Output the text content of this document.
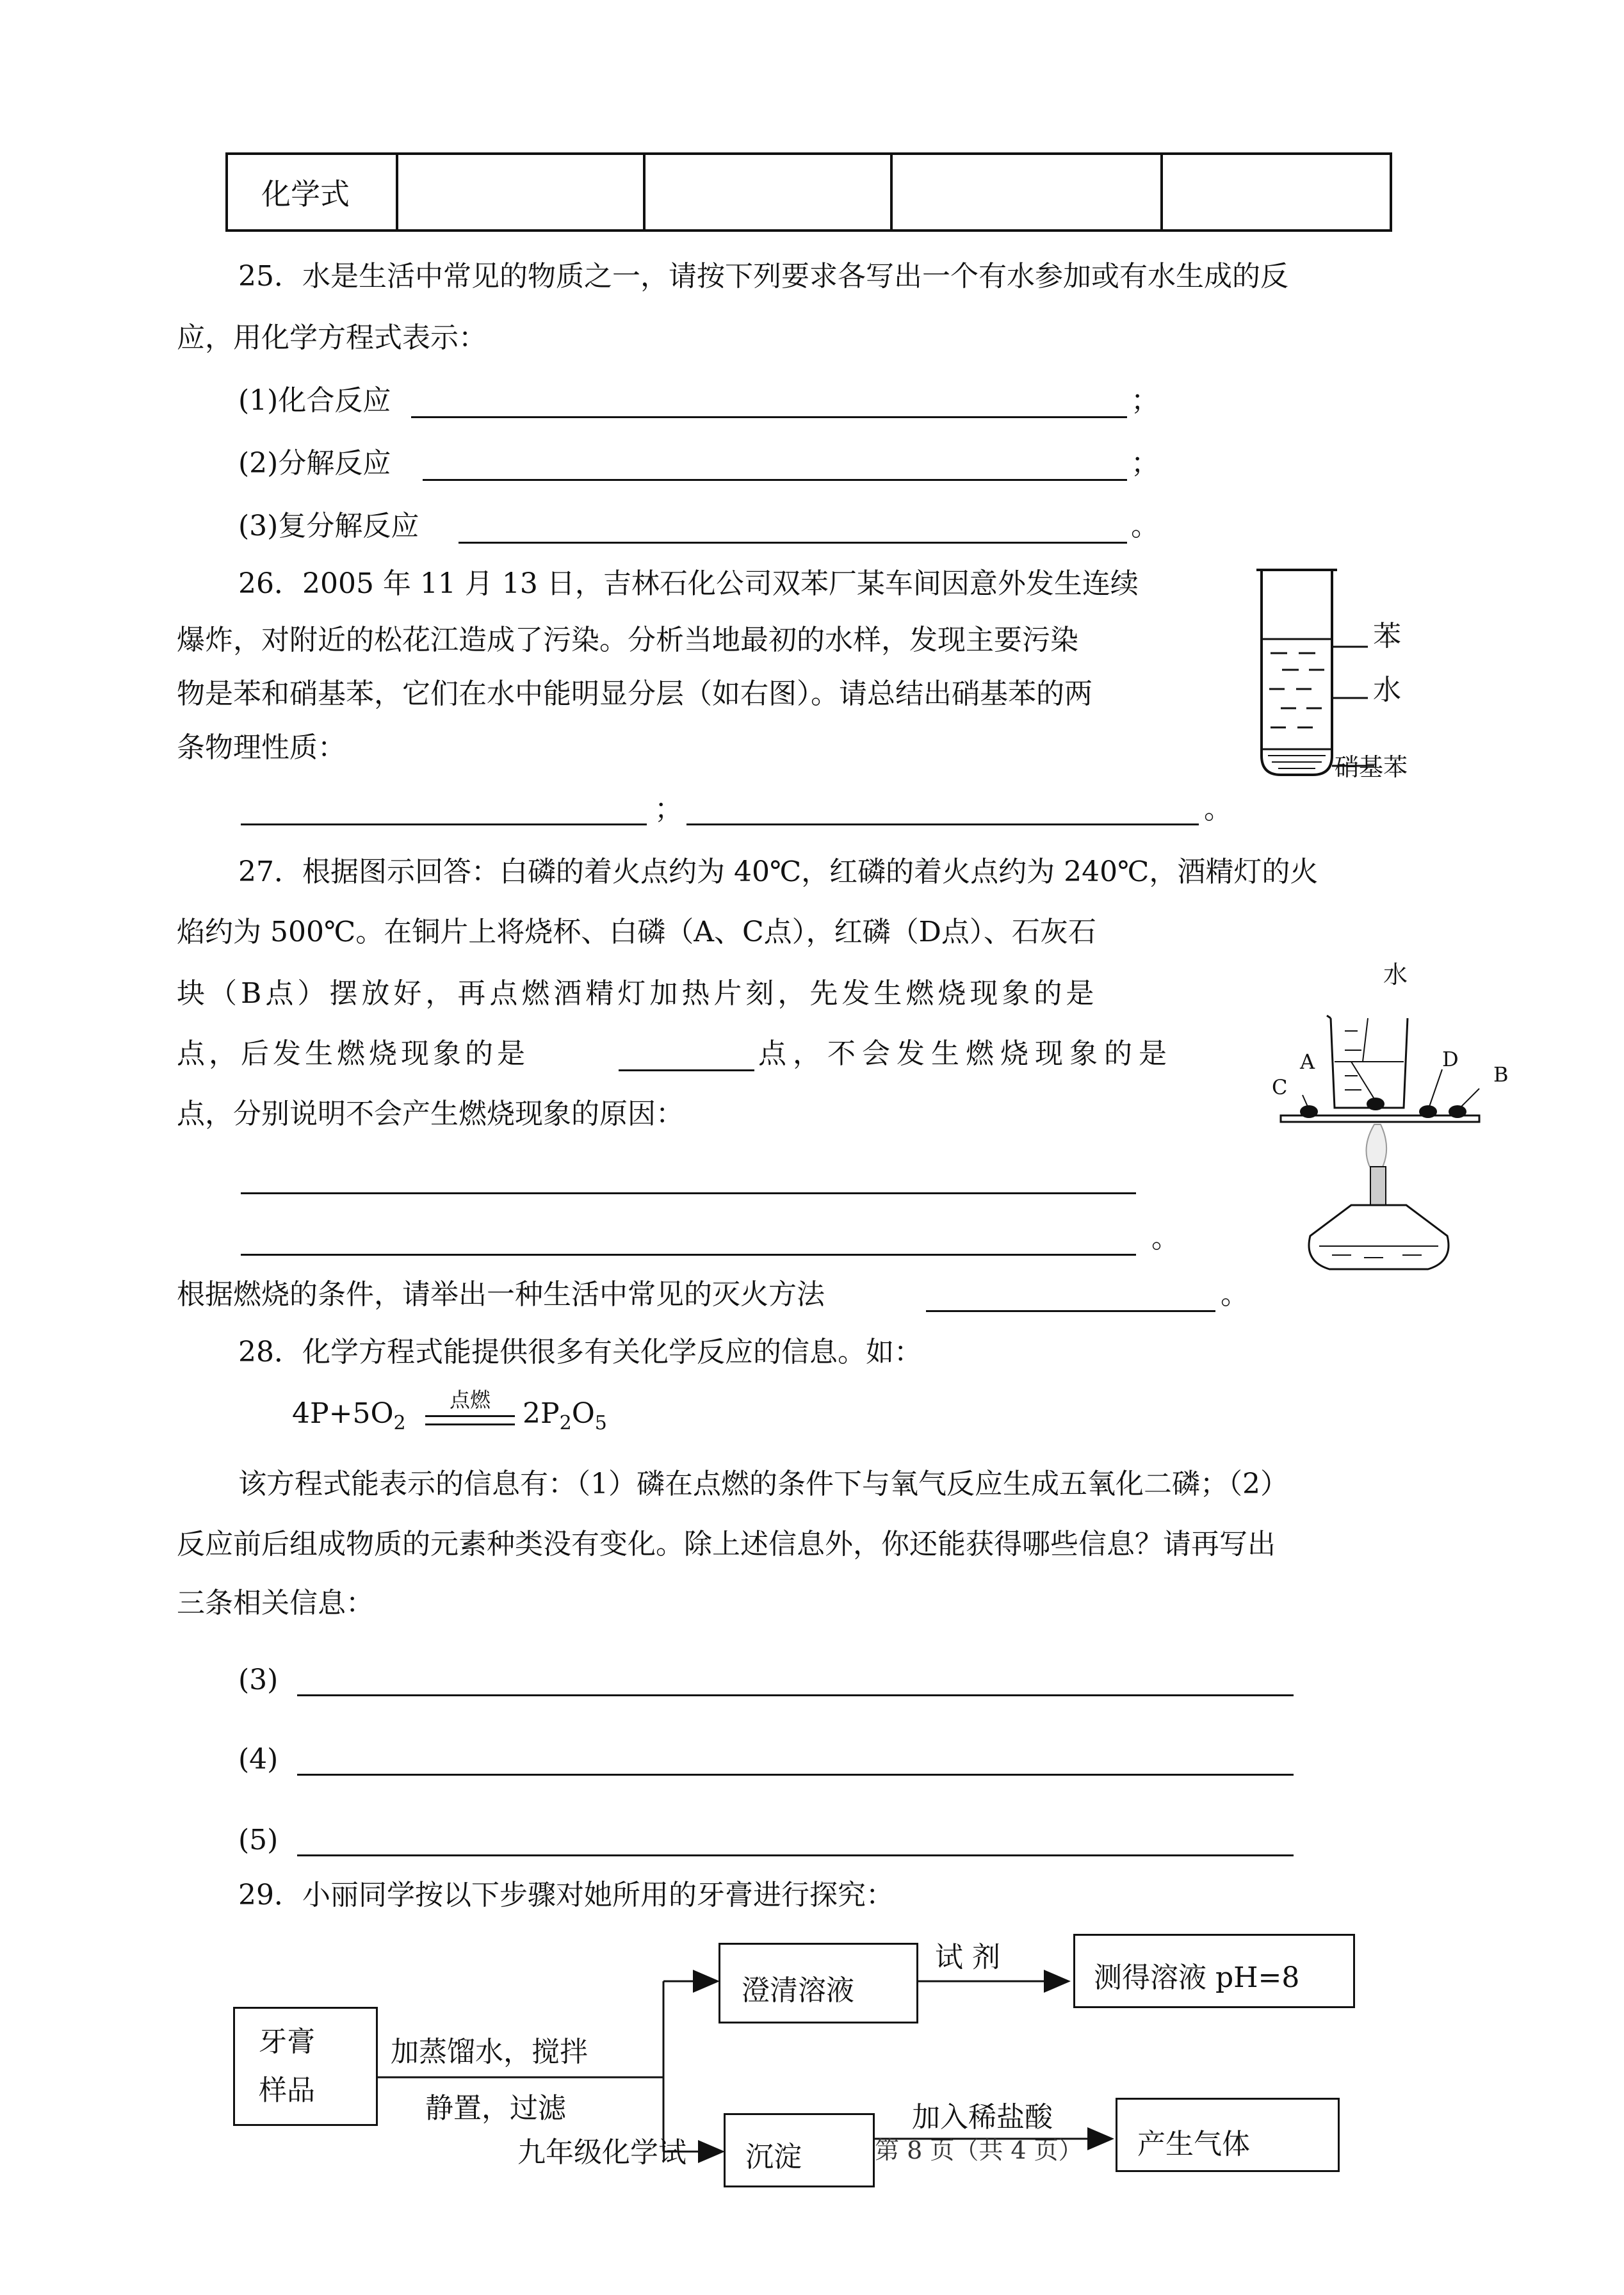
化学式				
25．水是生活中常见的物质之一，请按下列要求各写出一个有水参加或有水生成的反
应，用化学方程式表示：
(1)化合反应	；
(2)分解反应	；
(3)复分解反应	。
26．2005 年 11 月 13 日，吉林石化公司双苯厂某车间因意外发生连续
爆炸，对附近的松花江造成了污染。分析当地最初的水样，发现主要污染
物是苯和硝基苯，它们在水中能明显分层（如右图）。请总结出硝基苯的两
条物理性质：
；	。
苯
水
硝基苯
27．根据图示回答：白磷的着火点约为 40℃，红磷的着火点约为 240℃，酒精灯的火
焰约为 500℃。在铜片上将烧杯、白磷（A、C点），红磷（D点）、石灰石
块（B点）摆放好，再点燃酒精灯加热片刻，先发生燃烧现象的是
点，后发生燃烧现象的是	点，不会发生燃烧现象的是
点，分别说明不会产生燃烧现象的原因：
。
根据燃烧的条件，请举出一种生活中常见的灭火方法	。
水
A	D
B
C
28．化学方程式能提供很多有关化学反应的信息。如：
$4P+5O_2$
点燃	$2P_2O_5$
该方程式能表示的信息有：（1）磷在点燃的条件下与氧气反应生成五氧化二磷；（2）
反应前后组成物质的元素种类没有变化。除上述信息外，你还能获得哪些信息？请再写出
三条相关信息：
(3)
(4)
(5)
29．小丽同学按以下步骤对她所用的牙膏进行探究：
牙膏
样品
加蒸馏水，搅拌
静置，过滤
澄清溶液
试 剂
测得溶液 pH=8
沉淀
加入稀盐酸
产生气体
九年级化学试	第 8 页（共 4 页）
